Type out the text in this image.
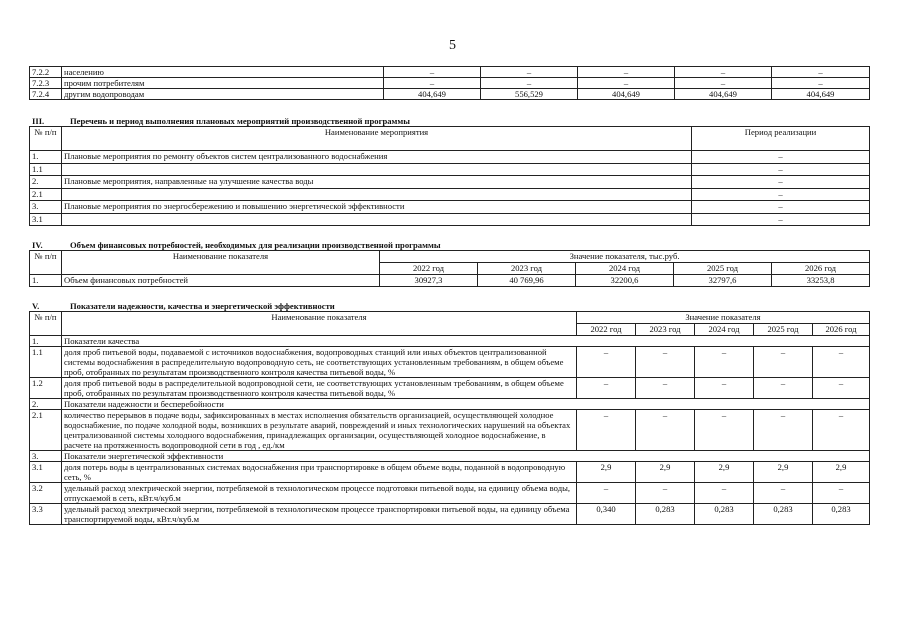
5
7.2.2	населению	–	–	–	–	–
7.2.3	прочим потребителям	–	–	–	–	–
7.2.4	другим водопроводам	404,649	556,529	404,649	404,649	404,649
III.	Перечень и период выполнения плановых мероприятий производственной программы
№ п/п	Наименование мероприятия	Период реализации
1.	Плановые мероприятия по ремонту объектов систем централизованного водоснабжения	–
1.1		–
2.	Плановые мероприятия, направленные на улучшение качества воды	–
2.1		–
3.	Плановые мероприятия по энергосбережению и повышению энергетической эффективности	–
3.1		–
IV.	Объем финансовых потребностей, необходимых для реализации производственной программы
№ п/п	Наименование показателя	Значение показателя, тыс.руб.				
		2022 год	2023 год	2024 год	2025 год	2026 год
1.	Объем финансовых потребностей	30927,3	40 769,96	32200,6	32797,6	33253,8
V.	Показатели надежности, качества и энергетической эффективности
№ п/п	Наименование показателя	Значение показателя				
		2022 год	2023 год	2024 год	2025 год	2026 год
1.	Показатели качества					
1.1	доля проб питьевой воды, подаваемой с источников водоснабжения, водопроводных станций или иных объектов централизованной системы водоснабжения в распределительную водопроводную сеть, не соответствующих установленным требованиям, в общем объеме проб, отобранных по результатам производственного контроля качества питьевой воды, %	–	–	–	–	–
1.2	доля проб питьевой воды в распределительной водопроводной сети, не соответствующих установленным требованиям, в общем объеме проб, отобранных по результатам производственного контроля качества питьевой воды, %	–	–	–	–	–
2.	Показатели надежности и бесперебойности					
2.1	количество перерывов в подаче воды, зафиксированных в местах исполнения обязательств организацией, осуществляющей холодное водоснабжение, по подаче холодной воды, возникших в результате аварий, повреждений и иных технологических нарушений на объектах централизованной системы холодного водоснабжения, принадлежащих организации, осуществляющей холодное водоснабжение, в расчете на протяженность водопроводной сети в год , ед./км	–	–	–	–	–
3.	Показатели энергетической эффективности					
3.1	доля потерь воды в централизованных системах водоснабжения при транспортировке в общем объеме воды, поданной в водопроводную сеть, %	2,9	2,9	2,9	2,9	2,9
3.2	удельный расход электрической энергии, потребляемой в технологическом процессе подготовки питьевой воды, на единицу объема воды, отпускаемой в сеть, кВт.ч/куб.м	–	–	–	–	–
3.3	удельный расход электрической энергии, потребляемой в технологическом процессе транспортировки питьевой воды, на единицу объема транспортируемой воды, кВт.ч/куб.м	0,340	0,283	0,283	0,283	0,283
